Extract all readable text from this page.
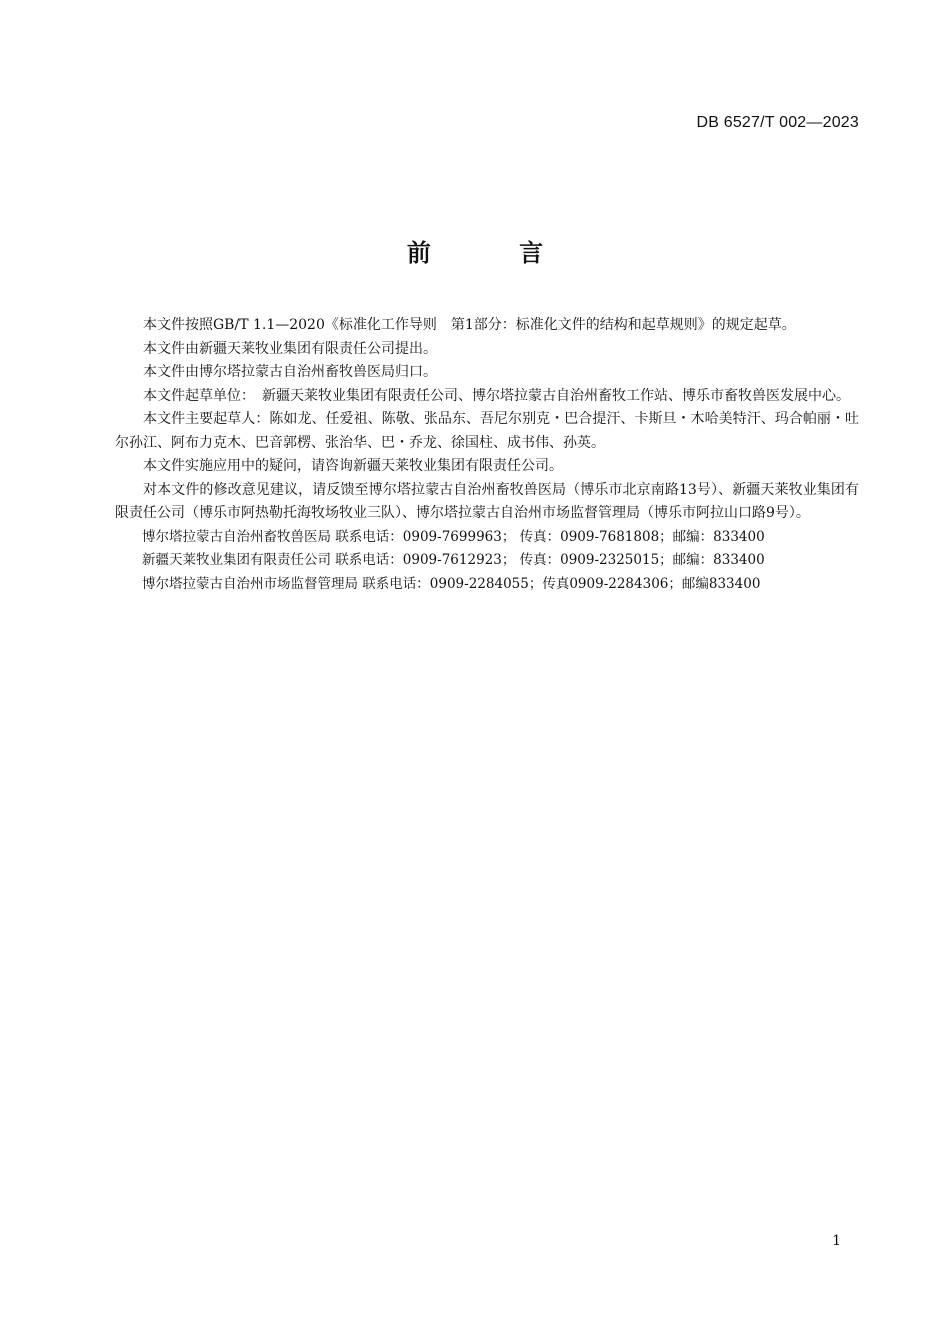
DB 6527/T 002—2023
前 言

本文件按照GB/T 1.1—2020《标准化工作导则　第1部分：标准化文件的结构和起草规则》的规定起草。

本文件由新疆天莱牧业集团有限责任公司提出。

本文件由博尔塔拉蒙古自治州畜牧兽医局归口。

本文件起草单位：　新疆天莱牧业集团有限责任公司、博尔塔拉蒙古自治州畜牧工作站、博乐市畜牧兽医发展中心。

本文件主要起草人：陈如龙、任爱祖、陈敬、张品东、吾尼尔别克・巴合提汗、卡斯旦・木哈美特汗、玛合帕丽・吐尔孙江、阿布力克木、巴音郭楞、张治华、巴・乔龙、徐国柱、成书伟、孙英。

本文件实施应用中的疑问，请咨询新疆天莱牧业集团有限责任公司。

对本文件的修改意见建议，请反馈至博尔塔拉蒙古自治州畜牧兽医局（博乐市北京南路13号）、新疆天莱牧业集团有限责任公司（博乐市阿热勒托海牧场牧业三队）、博尔塔拉蒙古自治州市场监督管理局（博乐市阿拉山口路9号）。

博尔塔拉蒙古自治州畜牧兽医局 联系电话：0909-7699963； 传真：0909-7681808；邮编：833400

新疆天莱牧业集团有限责任公司 联系电话：0909-7612923； 传真：0909-2325015；邮编：833400

博尔塔拉蒙古自治州市场监督管理局 联系电话：0909-2284055；传真0909-2284306；邮编833400

1
